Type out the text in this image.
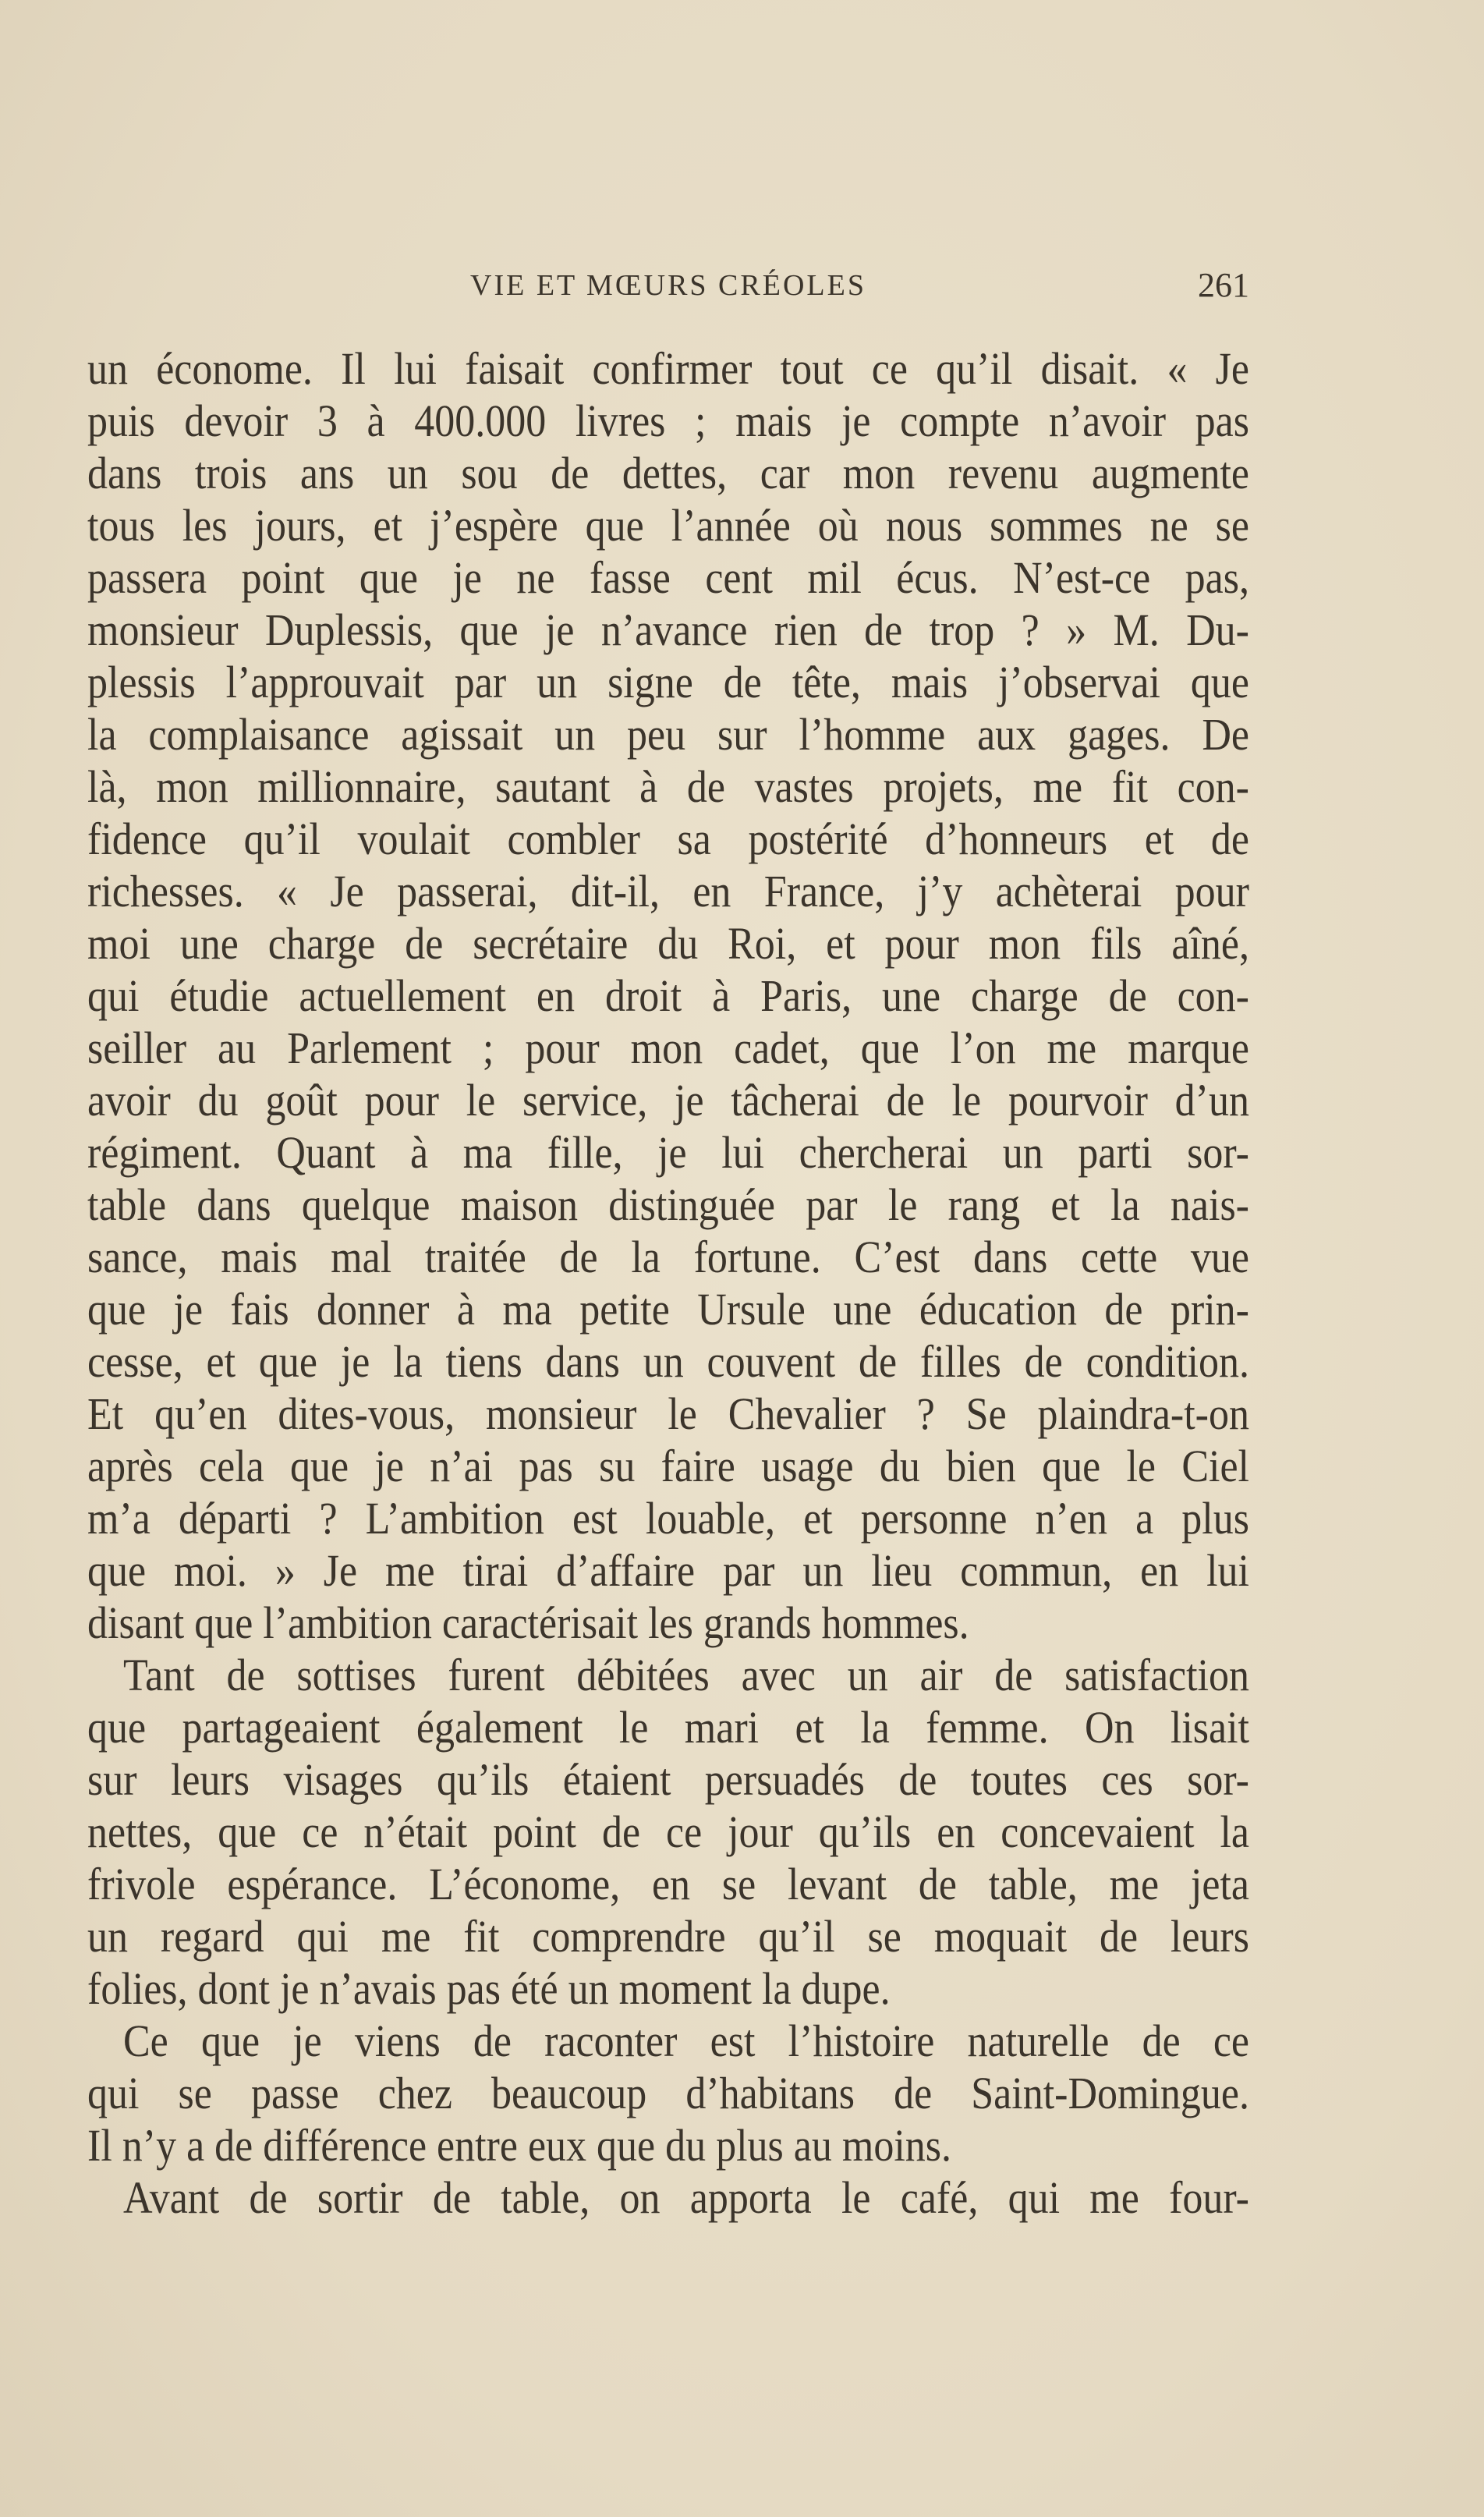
VIE ET MŒURS CRÉOLES	261
un économe. Il lui faisait confirmer tout ce qu’il disait. « Je
puis devoir 3 à 400.000 livres ; mais je compte n’avoir pas
dans trois ans un sou de dettes, car mon revenu augmente
tous les jours, et j’espère que l’année où nous sommes ne se
passera point que je ne fasse cent mil écus. N’est-ce pas,
monsieur Duplessis, que je n’avance rien de trop ? » M. Du-
plessis l’approuvait par un signe de tête, mais j’observai que
la complaisance agissait un peu sur l’homme aux gages. De
là, mon millionnaire, sautant à de vastes projets, me fit con-
fidence qu’il voulait combler sa postérité d’honneurs et de
richesses. « Je passerai, dit-il, en France, j’y achèterai pour
moi une charge de secrétaire du Roi, et pour mon fils aîné,
qui étudie actuellement en droit à Paris, une charge de con-
seiller au Parlement ; pour mon cadet, que l’on me marque
avoir du goût pour le service, je tâcherai de le pourvoir d’un
régiment. Quant à ma fille, je lui chercherai un parti sor-
table dans quelque maison distinguée par le rang et la nais-
sance, mais mal traitée de la fortune. C’est dans cette vue
que je fais donner à ma petite Ursule une éducation de prin-
cesse, et que je la tiens dans un couvent de filles de condition.
Et qu’en dites-vous, monsieur le Chevalier ? Se plaindra-t-on
après cela que je n’ai pas su faire usage du bien que le Ciel
m’a départi ? L’ambition est louable, et personne n’en a plus
que moi. » Je me tirai d’affaire par un lieu commun, en lui
disant que l’ambition caractérisait les grands hommes.
Tant de sottises furent débitées avec un air de satisfaction
que partageaient également le mari et la femme. On lisait
sur leurs visages qu’ils étaient persuadés de toutes ces sor-
nettes, que ce n’était point de ce jour qu’ils en concevaient la
frivole espérance. L’économe, en se levant de table, me jeta
un regard qui me fit comprendre qu’il se moquait de leurs
folies, dont je n’avais pas été un moment la dupe.
Ce que je viens de raconter est l’histoire naturelle de ce
qui se passe chez beaucoup d’habitans de Saint-Domingue.
Il n’y a de différence entre eux que du plus au moins.
Avant de sortir de table, on apporta le café, qui me four-
